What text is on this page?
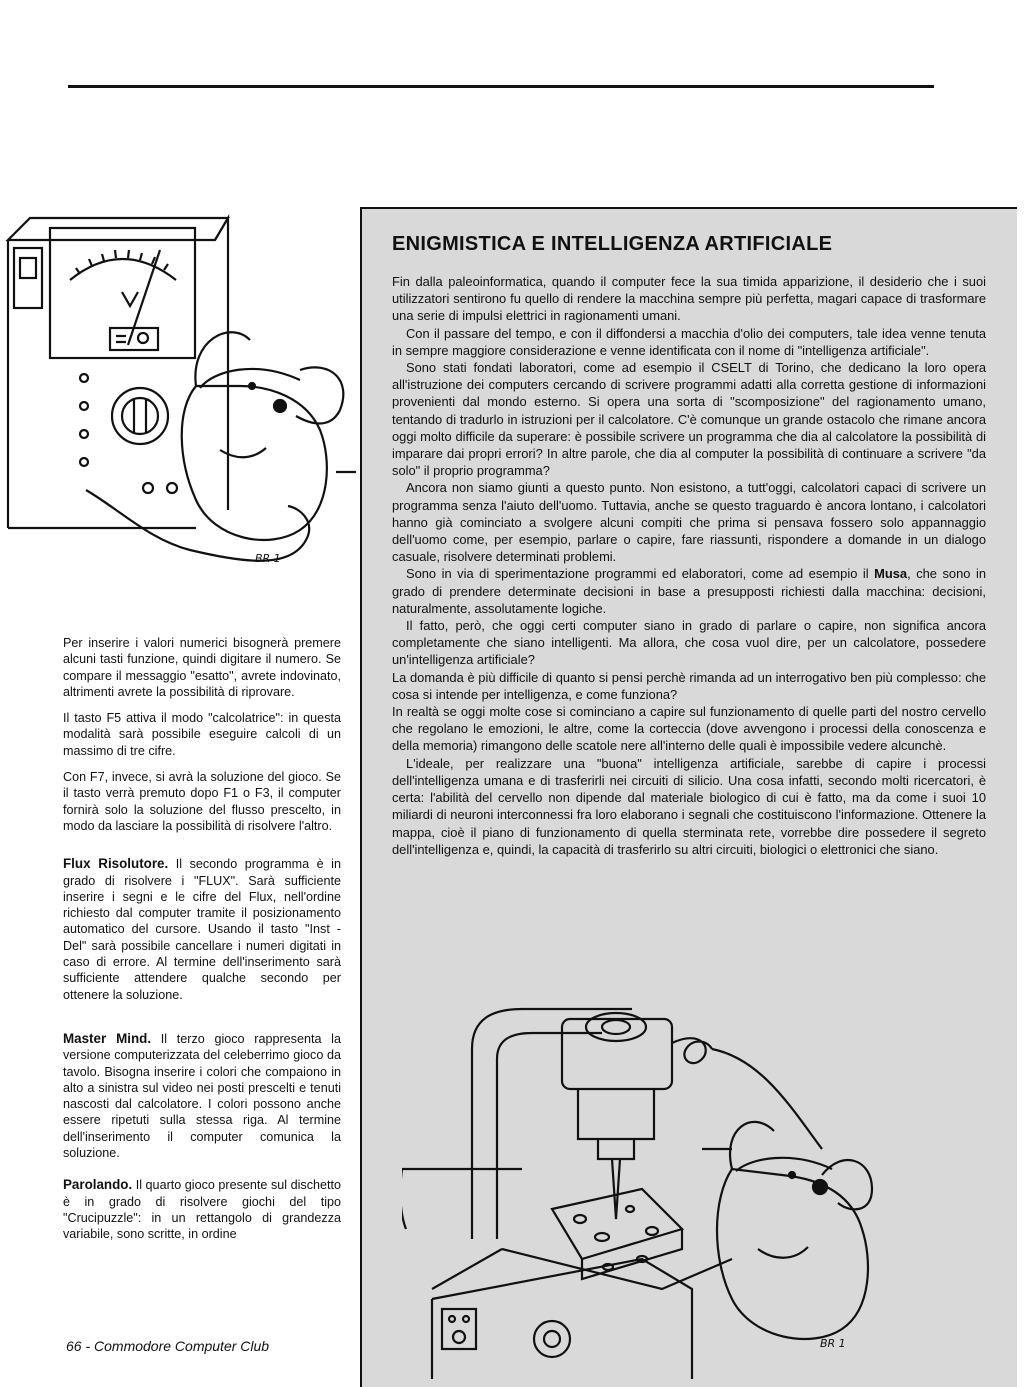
BR 1

Per inserire i valori numerici bisognerà premere alcuni tasti funzione, quindi digitare il numero. Se compare il messaggio "esatto", avrete indovinato, altrimenti avrete la possibilità di riprovare.

Il tasto F5 attiva il modo "calcolatrice": in questa modalità sarà possibile eseguire calcoli di un massimo di tre cifre.

Con F7, invece, si avrà la soluzione del gioco. Se il tasto verrà premuto dopo F1 o F3, il computer fornirà solo la soluzione del flusso prescelto, in modo da lasciare la possibilità di risolvere l'altro.

Flux Risolutore. Il secondo programma è in grado di risolvere i "FLUX". Sarà sufficiente inserire i segni e le cifre del Flux, nell'ordine richiesto dal computer tramite il posizionamento automatico del cursore. Usando il tasto "Inst - Del" sarà possibile cancellare i numeri digitati in caso di errore. Al termine dell'inserimento sarà sufficiente attendere qualche secondo per ottenere la soluzione.

Master Mind. Il terzo gioco rappresenta la versione computerizzata del celeberrimo gioco da tavolo. Bisogna inserire i colori che compaiono in alto a sinistra sul video nei posti prescelti e tenuti nascosti dal calcolatore. I colori possono anche essere ripetuti sulla stessa riga. Al termine dell'inserimento il computer comunica la soluzione.

Parolando. Il quarto gioco presente sul dischetto è in grado di risolvere giochi del tipo "Crucipuzzle": in un rettangolo di grandezza variabile, sono scritte, in ordine

ENIGMISTICA E INTELLIGENZA ARTIFICIALE

Fin dalla paleoinformatica, quando il computer fece la sua timida apparizione, il desiderio che i suoi utilizzatori sentirono fu quello di rendere la macchina sempre più perfetta, magari capace di trasformare una serie di impulsi elettrici in ragionamenti umani.

Con il passare del tempo, e con il diffondersi a macchia d'olio dei computers, tale idea venne tenuta in sempre maggiore considerazione e venne identificata con il nome di "intelligenza artificiale".

Sono stati fondati laboratori, come ad esempio il CSELT di Torino, che dedicano la loro opera all'istruzione dei computers cercando di scrivere programmi adatti alla corretta gestione di informazioni provenienti dal mondo esterno. Si opera una sorta di "scomposizione" del ragionamento umano, tentando di tradurlo in istruzioni per il calcolatore. C'è comunque un grande ostacolo che rimane ancora oggi molto difficile da superare: è possibile scrivere un programma che dia al calcolatore la possibilità di imparare dai propri errori? In altre parole, che dia al computer la possibilità di continuare a scrivere "da solo" il proprio programma?

Ancora non siamo giunti a questo punto. Non esistono, a tutt'oggi, calcolatori capaci di scrivere un programma senza l'aiuto dell'uomo. Tuttavia, anche se questo traguardo è ancora lontano, i calcolatori hanno già cominciato a svolgere alcuni compiti che prima si pensava fossero solo appannaggio dell'uomo come, per esempio, parlare o capire, fare riassunti, rispondere a domande in un dialogo casuale, risolvere determinati problemi.

Sono in via di sperimentazione programmi ed elaboratori, come ad esempio il Musa, che sono in grado di prendere determinate decisioni in base a presupposti richiesti dalla macchina: decisioni, naturalmente, assolutamente logiche.

Il fatto, però, che oggi certi computer siano in grado di parlare o capire, non significa ancora completamente che siano intelligenti. Ma allora, che cosa vuol dire, per un calcolatore, possedere un'intelligenza artificiale?

La domanda è più difficile di quanto si pensi perchè rimanda ad un interrogativo ben più complesso: che cosa si intende per intelligenza, e come funziona?

In realtà se oggi molte cose si cominciano a capire sul funzionamento di quelle parti del nostro cervello che regolano le emozioni, le altre, come la corteccia (dove avvengono i processi della conoscenza e della memoria) rimangono delle scatole nere all'interno delle quali è impossibile vedere alcunchè.

L'ideale, per realizzare una "buona" intelligenza artificiale, sarebbe di capire i processi dell'intelligenza umana e di trasferirli nei circuiti di silicio. Una cosa infatti, secondo molti ricercatori, è certa: l'abilità del cervello non dipende dal materiale biologico di cui è fatto, ma da come i suoi 10 miliardi di neuroni interconnessi fra loro elaborano i segnali che costituiscono l'informazione. Ottenere la mappa, cioè il piano di funzionamento di quella sterminata rete, vorrebbe dire possedere il segreto dell'intelligenza e, quindi, la capacità di trasferirlo su altri circuiti, biologici o elettronici che siano.

BR 1
66 - Commodore Computer Club
